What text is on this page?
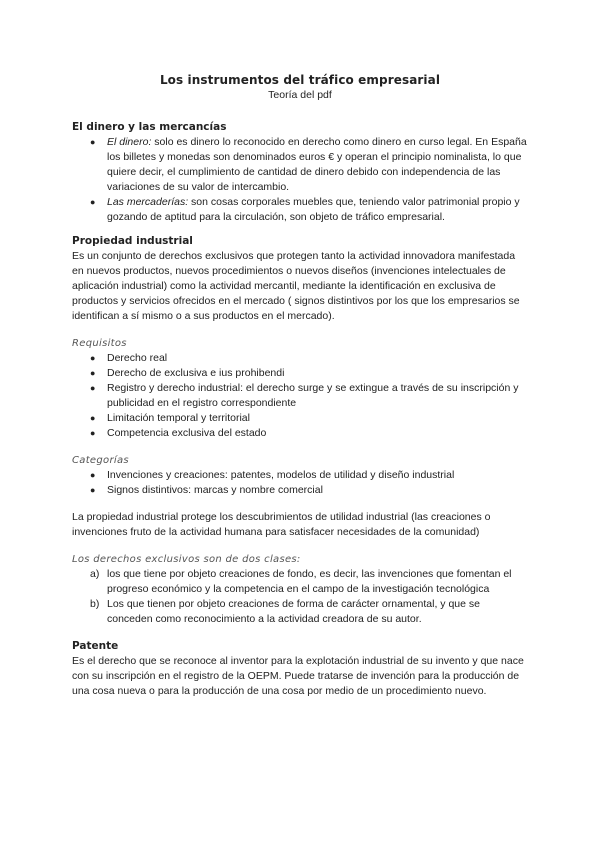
Los instrumentos del tráfico empresarial
Teoría del pdf
El dinero y las mercancías
● El dinero: solo es dinero lo reconocido en derecho como dinero en curso legal. En España los billetes y monedas son denominados euros € y operan el principio nominalista, lo que quiere decir, el cumplimiento de cantidad de dinero debido con independencia de las variaciones de su valor de intercambio.
● Las mercaderías: son cosas corporales muebles que, teniendo valor patrimonial propio y gozando de aptitud para la circulación, son objeto de tráfico empresarial.
Propiedad industrial

Es un conjunto de derechos exclusivos que protegen tanto la actividad innovadora manifestada en nuevos productos, nuevos procedimientos o nuevos diseños (invenciones intelectuales de aplicación industrial) como la actividad mercantil, mediante la identificación en exclusiva de productos y servicios ofrecidos en el mercado ( signos distintivos por los que los empresarios se identifican a sí mismo o a sus productos en el mercado).

Requisitos
● Derecho real
● Derecho de exclusiva e ius prohibendi
● Registro y derecho industrial: el derecho surge y se extingue a través de su inscripción y publicidad en el registro correspondiente
● Limitación temporal y territorial
● Competencia exclusiva del estado
Categorías
● Invenciones y creaciones: patentes, modelos de utilidad y diseño industrial
● Signos distintivos: marcas y nombre comercial

La propiedad industrial protege los descubrimientos de utilidad industrial (las creaciones o invenciones fruto de la actividad humana para satisfacer necesidades de la comunidad)

Los derechos exclusivos son de dos clases:
a) los que tiene por objeto creaciones de fondo, es decir, las invenciones que fomentan el progreso económico y la competencia en el campo de la investigación tecnológica
b) Los que tienen por objeto creaciones de forma de carácter ornamental, y que se conceden como reconocimiento a la actividad creadora de su autor.
Patente

Es el derecho que se reconoce al inventor para la explotación industrial de su invento y que nace con su inscripción en el registro de la OEPM. Puede tratarse de invención para la producción de una cosa nueva o para la producción de una cosa por medio de un procedimiento nuevo.
